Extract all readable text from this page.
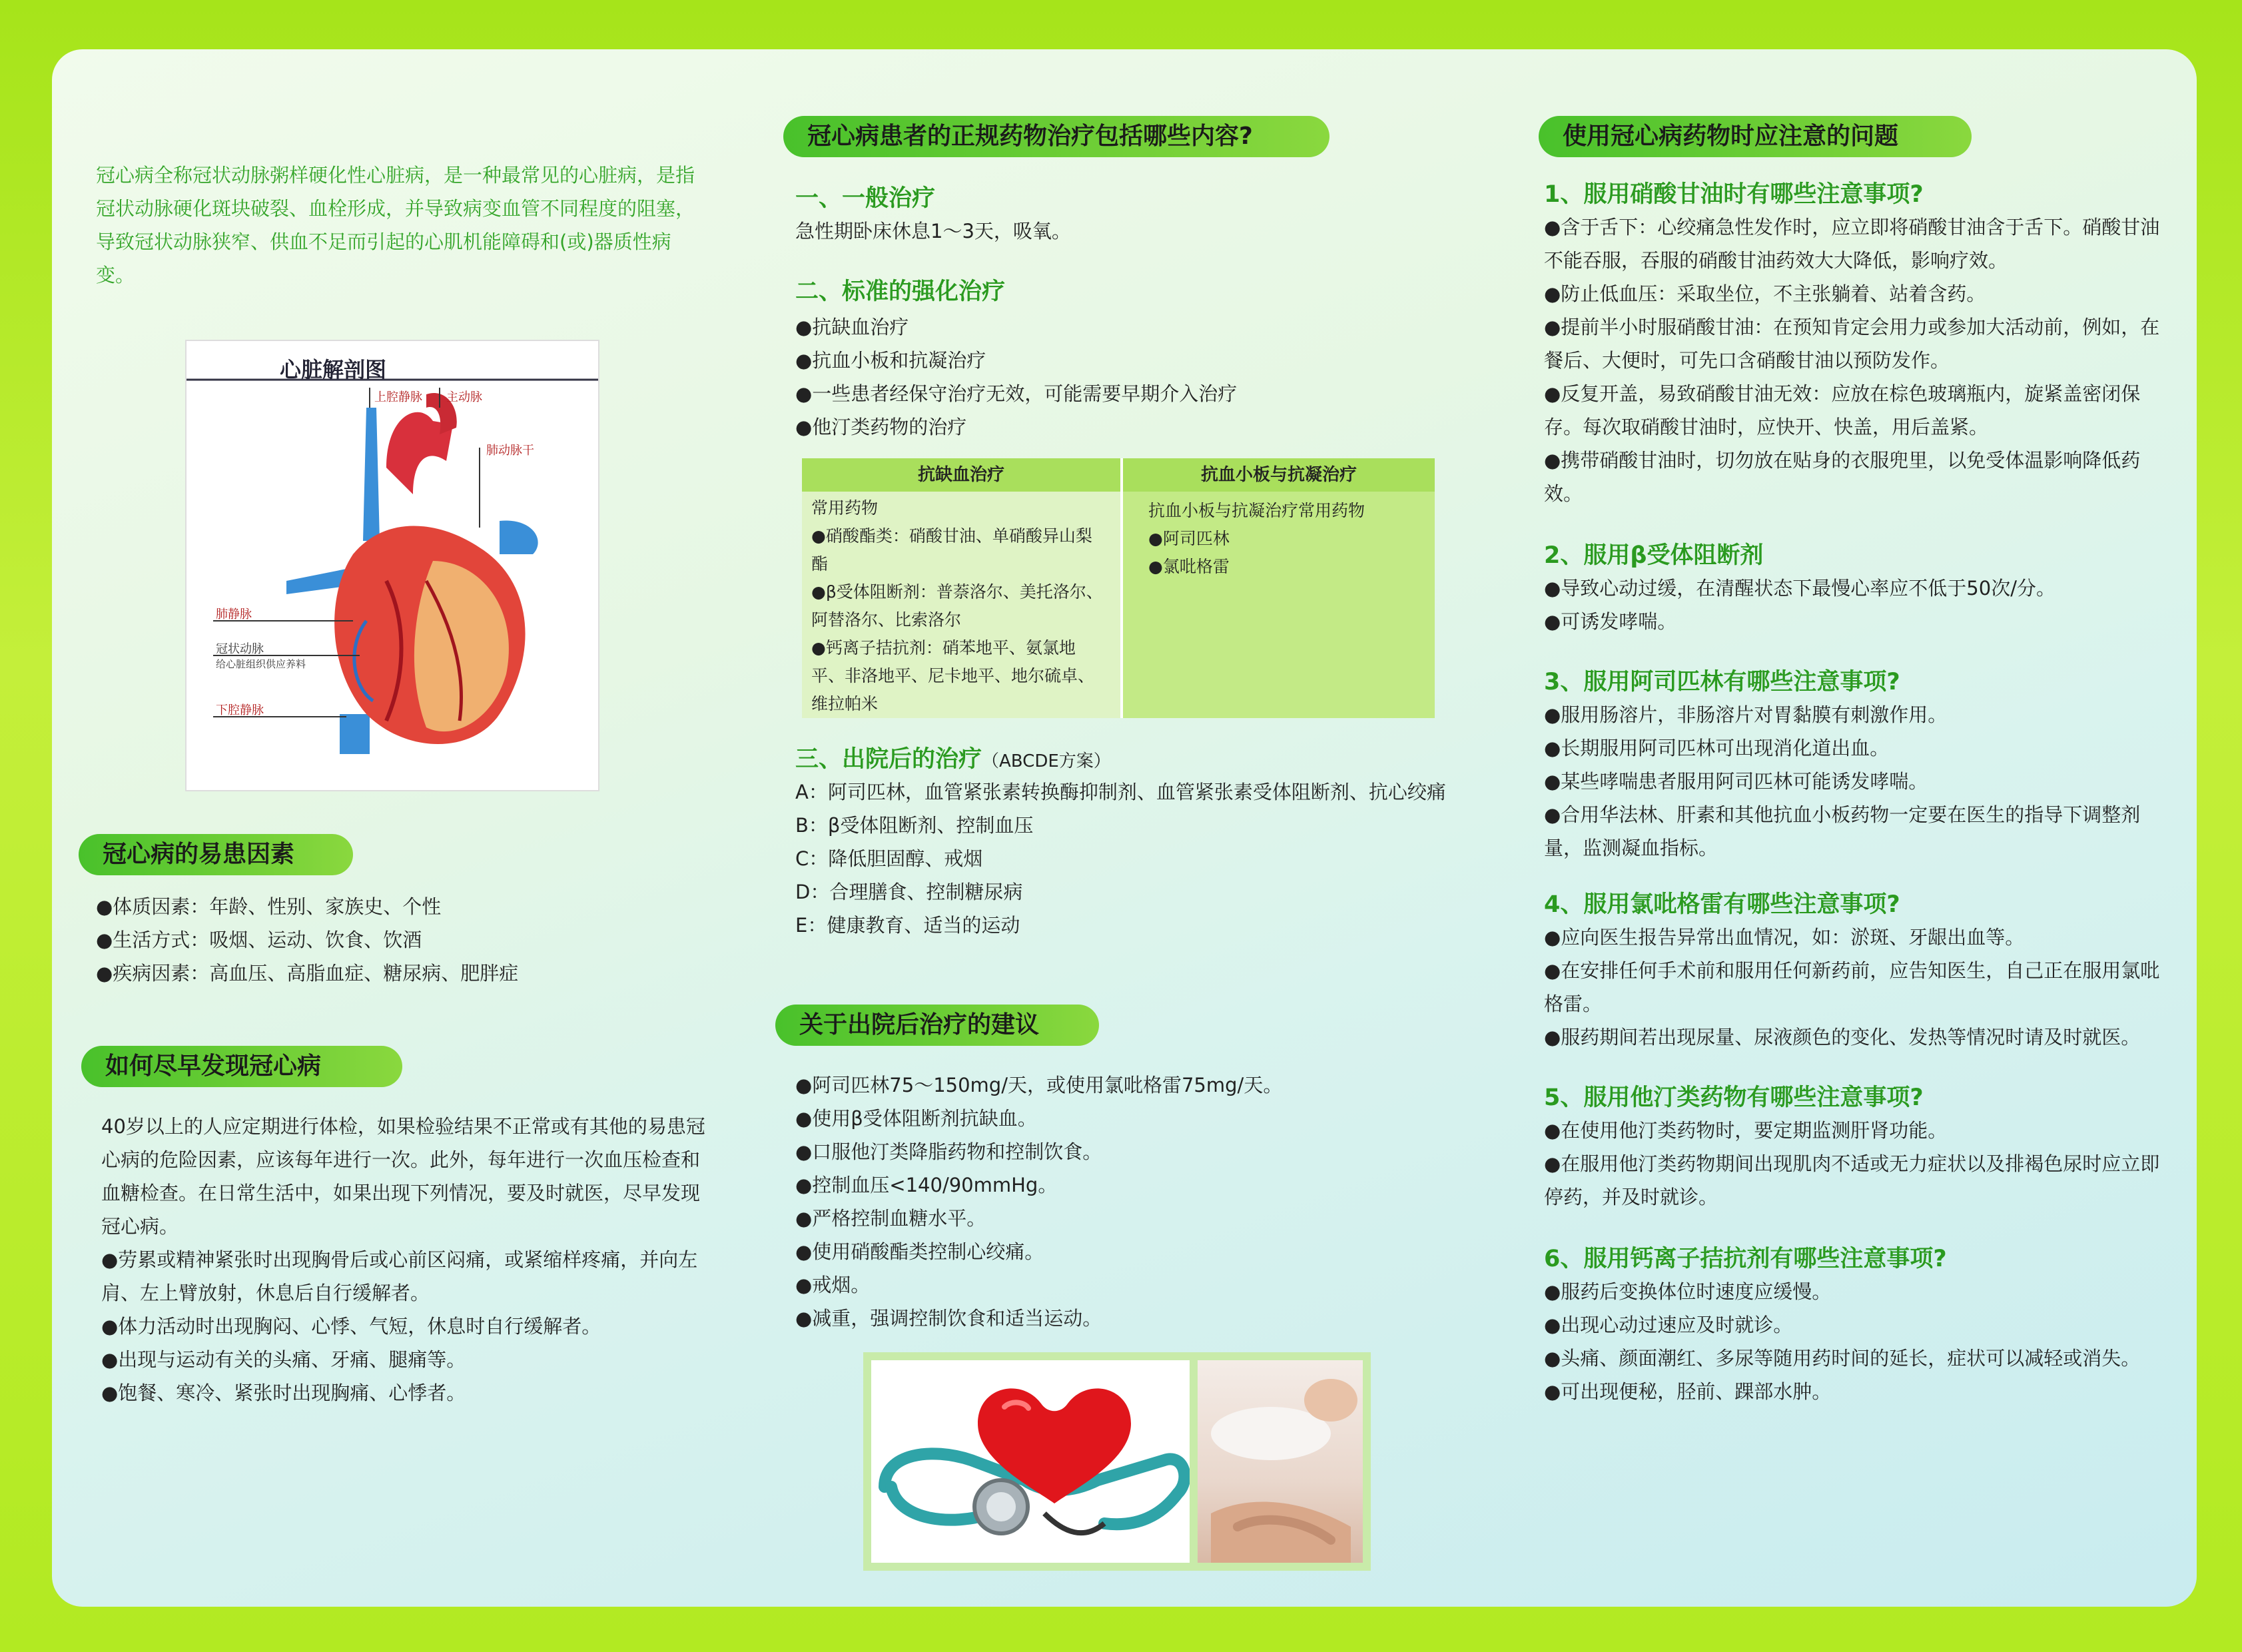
冠心病全称冠状动脉粥样硬化性心脏病，是一种最常见的心脏病，是指冠状动脉硬化斑块破裂、血栓形成，并导致病变血管不同程度的阻塞，导致冠状动脉狭窄、供血不足而引起的心肌机能障碍和(或)器质性病变。
心脏解剖图
上腔静脉 主动脉
肺动脉干
肺静脉
冠状动脉
给心脏组织供应养料
下腔静脉
冠心病的易患因素

●体质因素：年龄、性别、家族史、个性

●生活方式：吸烟、运动、饮食、饮酒

●疾病因素：高血压、高脂血症、糖尿病、肥胖症

如何尽早发现冠心病

40岁以上的人应定期进行体检，如果检验结果不正常或有其他的易患冠心病的危险因素，应该每年进行一次。此外，每年进行一次血压检查和血糖检查。在日常生活中，如果出现下列情况，要及时就医，尽早发现冠心病。

●劳累或精神紧张时出现胸骨后或心前区闷痛，或紧缩样疼痛，并向左肩、左上臂放射，休息后自行缓解者。

●体力活动时出现胸闷、心悸、气短，休息时自行缓解者。

●出现与运动有关的头痛、牙痛、腿痛等。

●饱餐、寒冷、紧张时出现胸痛、心悸者。

冠心病患者的正规药物治疗包括哪些内容?
一、一般治疗
急性期卧床休息1～3天，吸氧。
二、标准的强化治疗

●抗缺血治疗

●抗血小板和抗凝治疗

●一些患者经保守治疗无效，可能需要早期介入治疗

●他汀类药物的治疗

抗缺血治疗	抗血小板与抗凝治疗
常用药物
●硝酸酯类：硝酸甘油、单硝酸异山梨酯
●β受体阻断剂：普萘洛尔、美托洛尔、阿替洛尔、比索洛尔
●钙离子拮抗剂：硝苯地平、氨氯地平、非洛地平、尼卡地平、地尔硫卓、维拉帕米
抗血小板与抗凝治疗常用药物
●阿司匹林
●氯吡格雷
三、出院后的治疗（ABCDE方案）

A：阿司匹林，血管紧张素转换酶抑制剂、血管紧张素受体阻断剂、抗心绞痛

B：β受体阻断剂、控制血压

C：降低胆固醇、戒烟

D：合理膳食、控制糖尿病

E：健康教育、适当的运动

关于出院后治疗的建议

●阿司匹林75～150mg/天，或使用氯吡格雷75mg/天。

●使用β受体阻断剂抗缺血。

●口服他汀类降脂药物和控制饮食。

●控制血压<140/90mmHg。

●严格控制血糖水平。

●使用硝酸酯类控制心绞痛。

●戒烟。

●减重，强调控制饮食和适当运动。

使用冠心病药物时应注意的问题
1、服用硝酸甘油时有哪些注意事项?

●含于舌下：心绞痛急性发作时，应立即将硝酸甘油含于舌下。硝酸甘油不能吞服，吞服的硝酸甘油药效大大降低，影响疗效。

●防止低血压：采取坐位，不主张躺着、站着含药。

●提前半小时服硝酸甘油：在预知肯定会用力或参加大活动前，例如，在餐后、大便时，可先口含硝酸甘油以预防发作。

●反复开盖，易致硝酸甘油无效：应放在棕色玻璃瓶内，旋紧盖密闭保存。每次取硝酸甘油时，应快开、快盖，用后盖紧。

●携带硝酸甘油时，切勿放在贴身的衣服兜里，以免受体温影响降低药效。

2、服用β受体阻断剂

●导致心动过缓，在清醒状态下最慢心率应不低于50次/分。

●可诱发哮喘。

3、服用阿司匹林有哪些注意事项?

●服用肠溶片，非肠溶片对胃黏膜有刺激作用。

●长期服用阿司匹林可出现消化道出血。

●某些哮喘患者服用阿司匹林可能诱发哮喘。

●合用华法林、肝素和其他抗血小板药物一定要在医生的指导下调整剂量，监测凝血指标。

4、服用氯吡格雷有哪些注意事项?

●应向医生报告异常出血情况，如：淤斑、牙龈出血等。

●在安排任何手术前和服用任何新药前，应告知医生，自己正在服用氯吡格雷。

●服药期间若出现尿量、尿液颜色的变化、发热等情况时请及时就医。

5、服用他汀类药物有哪些注意事项?

●在使用他汀类药物时，要定期监测肝肾功能。

●在服用他汀类药物期间出现肌肉不适或无力症状以及排褐色尿时应立即停药，并及时就诊。

6、服用钙离子拮抗剂有哪些注意事项?

●服药后变换体位时速度应缓慢。

●出现心动过速应及时就诊。

●头痛、颜面潮红、多尿等随用药时间的延长，症状可以减轻或消失。

●可出现便秘，胫前、踝部水肿。
